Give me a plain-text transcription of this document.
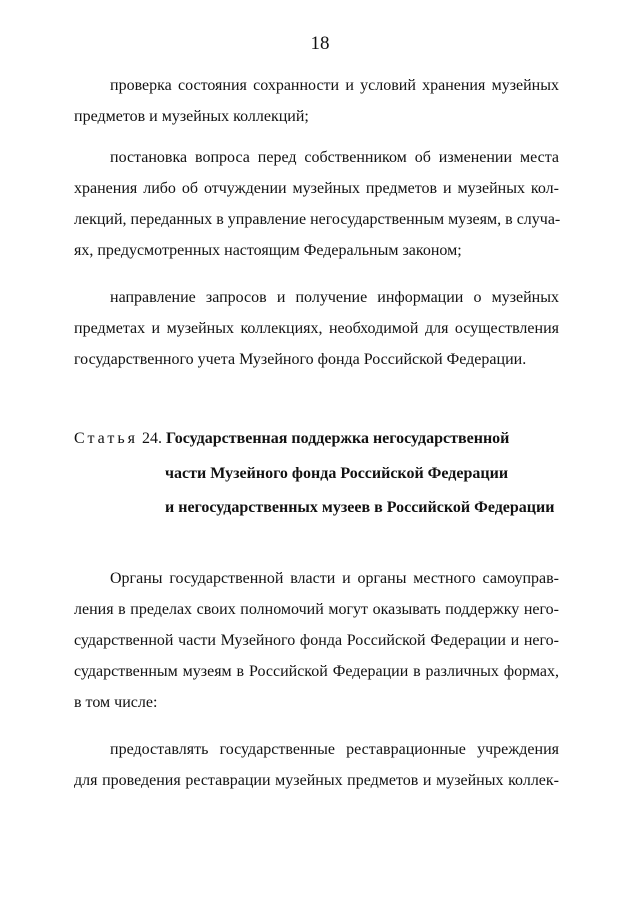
18
проверка состояния сохранности и условий хранения музейных
предметов и музейных коллекций;
постановка вопроса перед собственником об изменении места
хранения либо об отчуждении музейных предметов и музейных кол-
лекций, переданных в управление негосударственным музеям, в случа-
ях, предусмотренных настоящим Федеральным законом;
направление запросов и получение информации о музейных
предметах и музейных коллекциях, необходимой для осуществления
государственного учета Музейного фонда Российской Федерации.
Статья 24. Государственная поддержка негосударственной
части Музейного фонда Российской Федерации
и негосударственных музеев в Российской Федерации
Органы государственной власти и органы местного самоуправ-
ления в пределах своих полномочий могут оказывать поддержку него-
сударственной части Музейного фонда Российской Федерации и него-
сударственным музеям в Российской Федерации в различных формах,
в том числе:
предоставлять государственные реставрационные учреждения
для проведения реставрации музейных предметов и музейных коллек-
